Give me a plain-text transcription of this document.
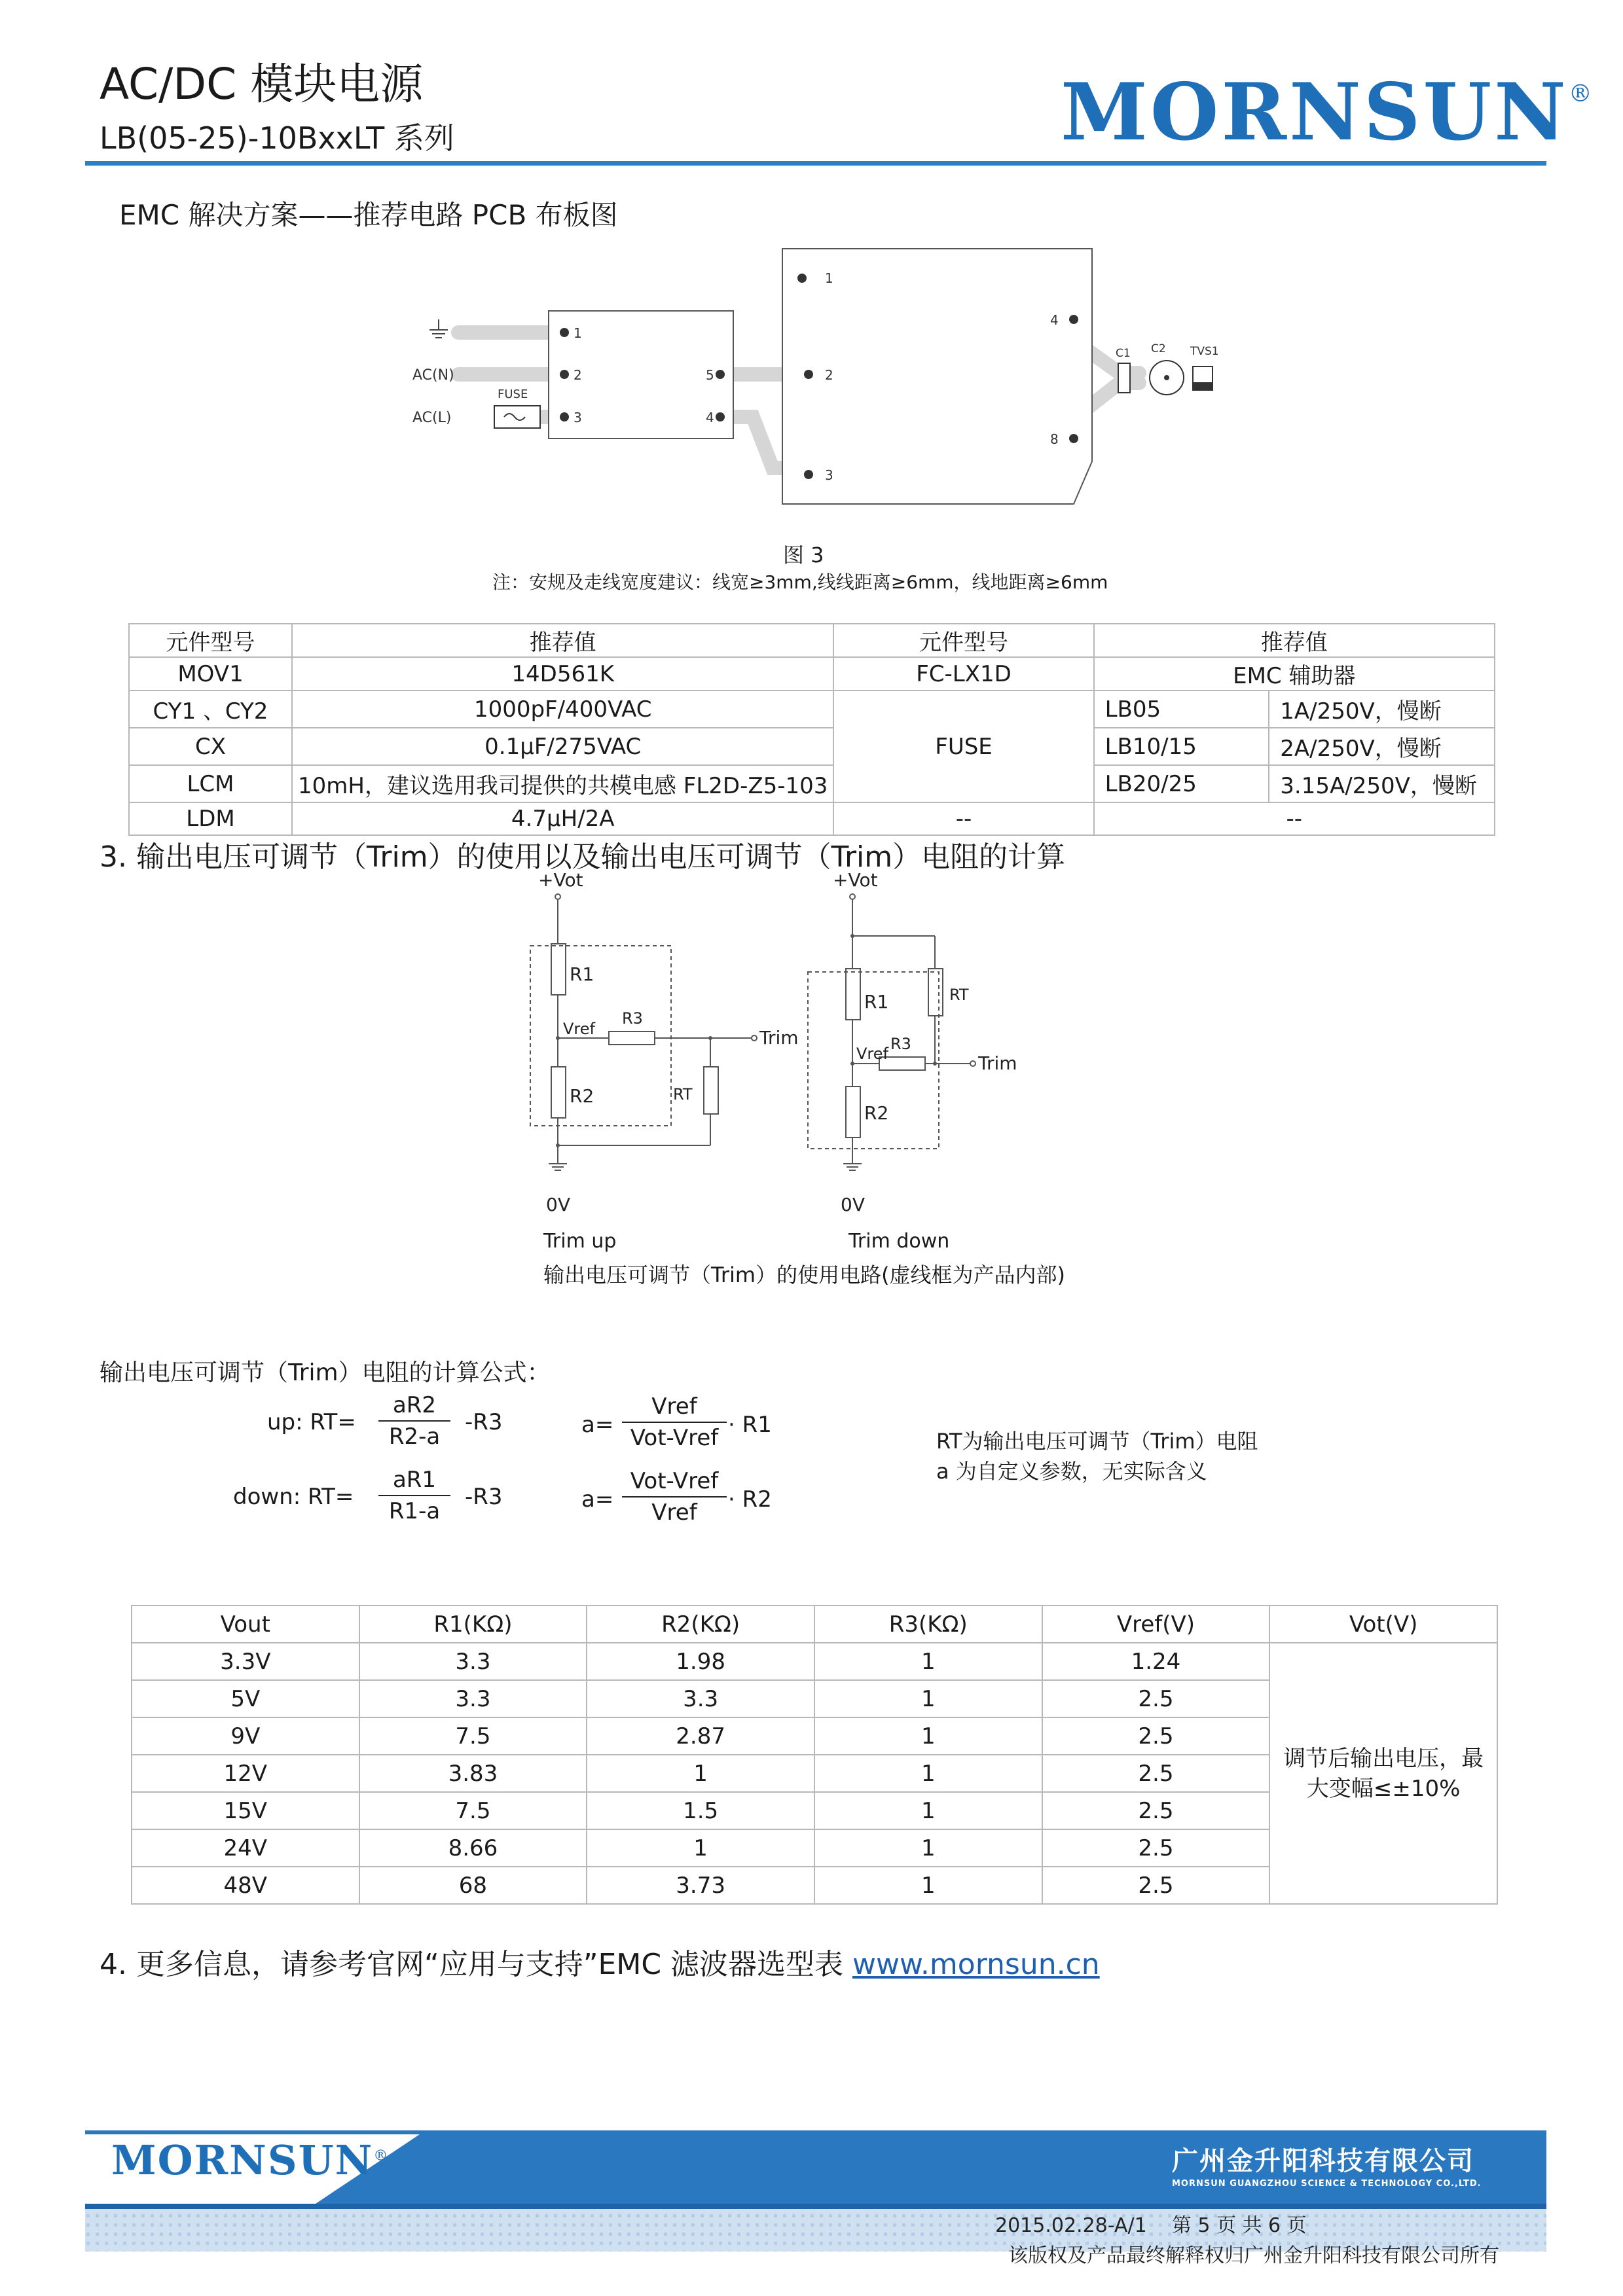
AC/DC 模块电源
LB(05-25)-10BxxLT 系列	MORNSUN®
EMC 解决方案——推荐电路 PCB 布板图
AC(N)
AC(L)
FUSE
1
2
3
5
4
1
2
3
4
8
C1 C2 TVS1
图 3
注：安规及走线宽度建议：线宽≥3mm,线线距离≥6mm，线地距离≥6mm
元件型号	推荐值	元件型号	推荐值	
MOV1	14D561K	FC-LX1D	EMC 辅助器	
CY1 、CY2	1000pF/400VAC	FUSE	LB05	1A/250V，慢断
CX	0.1μF/275VAC		LB10/15	2A/250V，慢断
LCM	10mH，建议选用我司提供的共模电感 FL2D-Z5-103		LB20/25	3.15A/250V，慢断
LDM	4.7μH/2A	--	--	
3. 输出电压可调节（Trim）的使用以及输出电压可调节（Trim）电阻的计算
+Vot
R1
R2
R3
Vref
RT
Trim
0V
+Vot
R1
R2
R3
Vref
RT
Trim
0V
Trim up	Trim down
输出电压可调节（Trim）的使用电路(虚线框为产品内部)
输出电压可调节（Trim）电阻的计算公式：
up: RT=
aR2
R2-a
-R3
down: RT=
aR1
R1-a
-R3
a=
Vref
Vot-Vref · R1
a=
Vot-Vref
Vref	· R2
RT为输出电压可调节（Trim）电阻
a 为自定义参数，无实际含义
Vout	R1(KΩ)	R2(KΩ)	R3(KΩ)	Vref(V)	Vot(V)
3.3V	3.3	1.98	1	1.24	调节后输出电压，最
大变幅≤±10%

5V	3.3	3.3	1	2.5	
9V	7.5	2.87	1	2.5	
12V	3.83	1	1	2.5	
15V	7.5	1.5	1	2.5	
24V	8.66	1	1	2.5	
48V	68	3.73	1	2.5	
4. 更多信息，请参考官网“应用与支持”EMC 滤波器选型表 www.mornsun.cn
MORNSUN®	广州金升阳科技有限公司
MORNSUN GUANGZHOU SCIENCE & TECHNOLOGY CO.,LTD.
2015.02.28-A/1 第 5 页 共 6 页
该版权及产品最终解释权归广州金升阳科技有限公司所有
